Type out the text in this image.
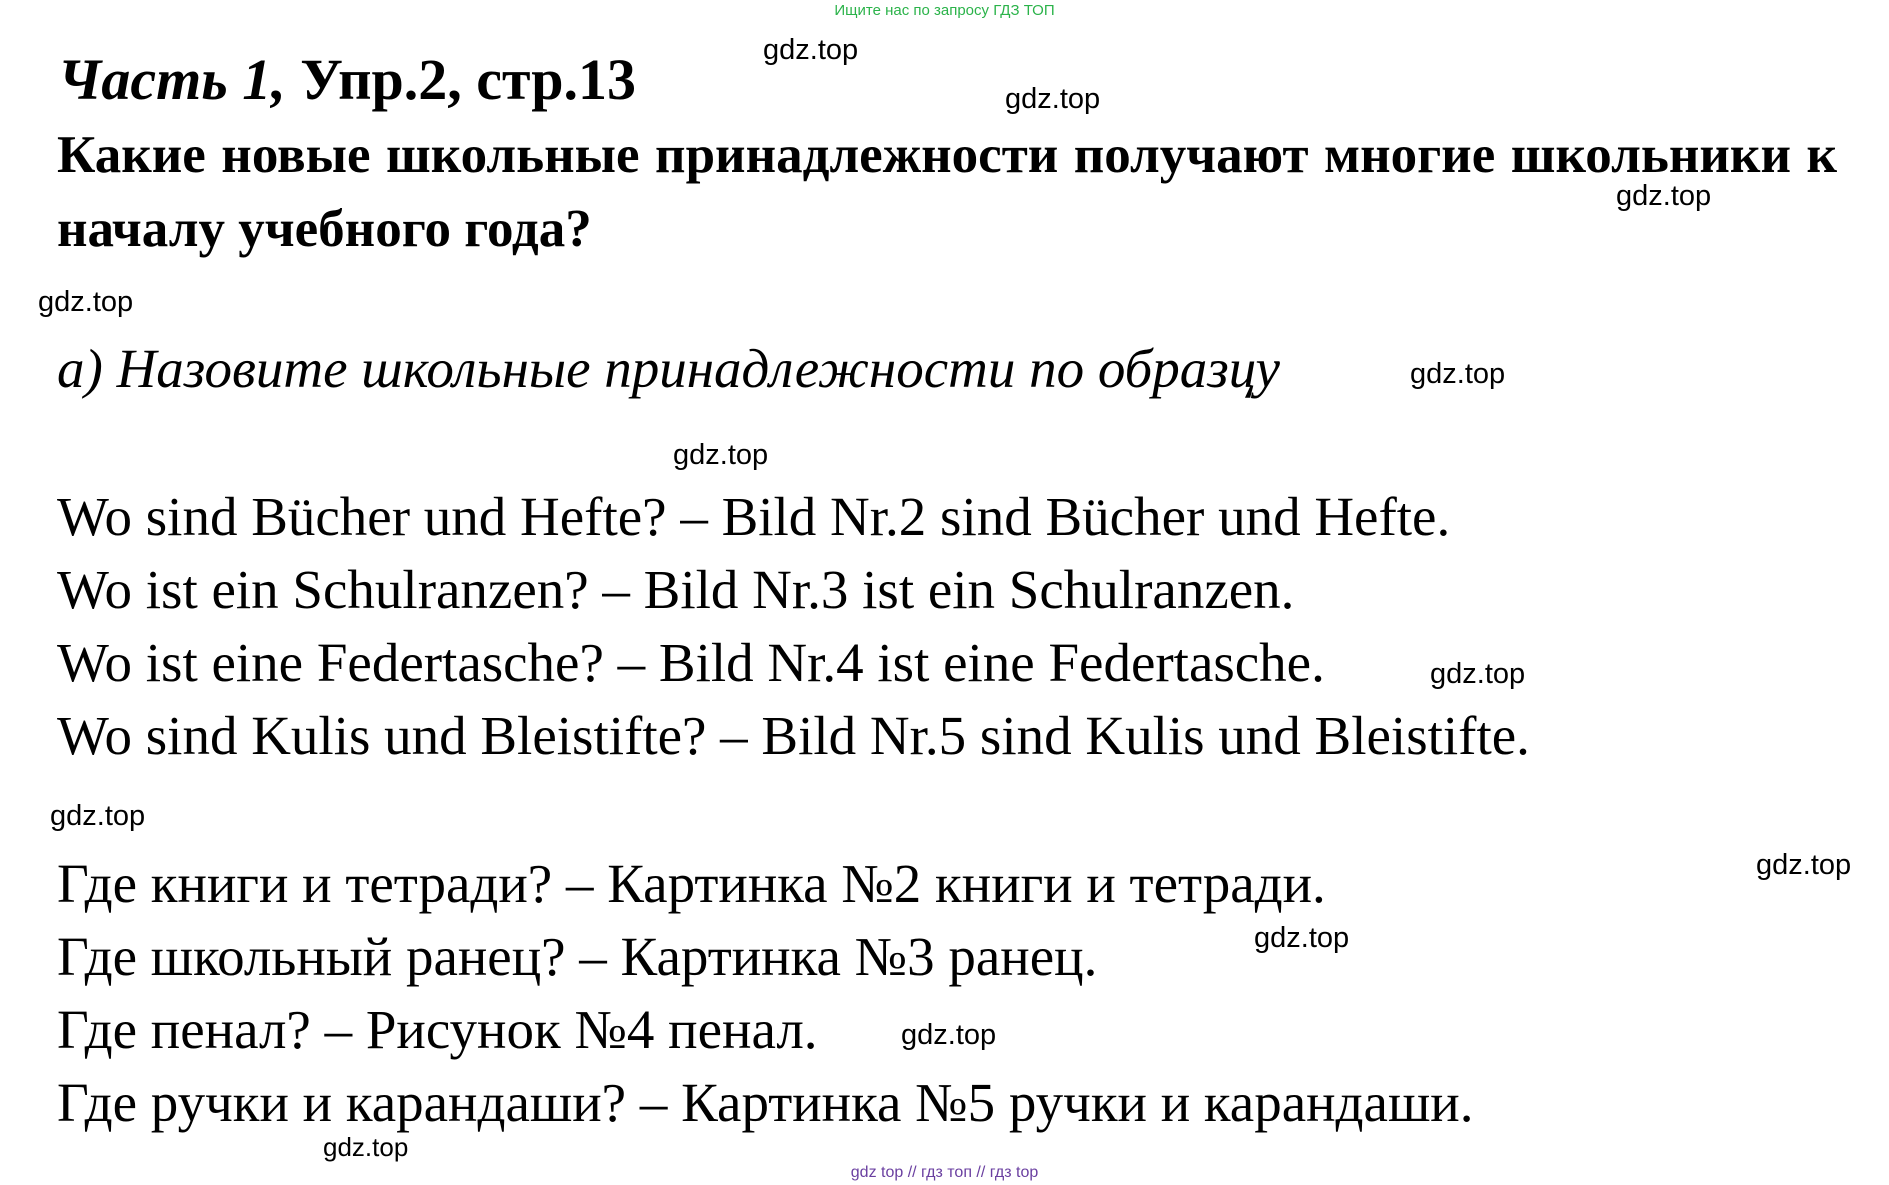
Ищите нас по запросу ГДЗ ТОП
Часть 1, Упр.2, стр.13

Какие новые школьные принадлежности получают многие школьники к началу учебного года?

а) Назовите школьные принадлежности по образцу
Wo sind Bücher und Hefte? – Bild Nr.2 sind Bücher und Hefte.
Wo ist ein Schulranzen? – Bild Nr.3 ist ein Schulranzen.
Wo ist eine Federtasche? – Bild Nr.4 ist eine Federtasche.
Wo sind Kulis und Bleistifte? – Bild Nr.5 sind Kulis und Bleistifte.
Где книги и тетради? – Картинка №2 книги и тетради.
Где школьный ранец? – Картинка №3 ранец.
Где пенал? – Рисунок №4 пенал.
Где ручки и карандаши? – Картинка №5 ручки и карандаши.
gdz.top
gdz.top
gdz.top
gdz.top
gdz.top
gdz.top
gdz.top
gdz.top
gdz.top
gdz.top
gdz.top
gdz.top
gdz top // гдз топ // гдз top
